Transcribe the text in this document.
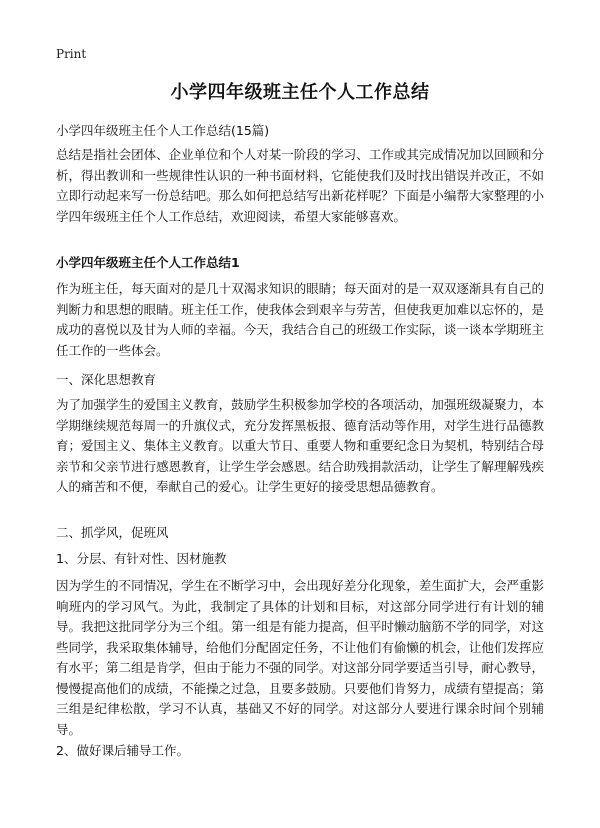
Print
小学四年级班主任个人工作总结
小学四年级班主任个人工作总结(15篇)

总结是指社会团体、企业单位和个人对某一阶段的学习、工作或其完成情况加以回顾和分析，得出教训和一些规律性认识的一种书面材料，它能使我们及时找出错误并改正，不如立即行动起来写一份总结吧。那么如何把总结写出新花样呢？下面是小编帮大家整理的小学四年级班主任个人工作总结，欢迎阅读，希望大家能够喜欢。

小学四年级班主任个人工作总结1

作为班主任，每天面对的是几十双渴求知识的眼睛；每天面对的是一双双逐渐具有自己的判断力和思想的眼睛。班主任工作，使我体会到艰辛与劳苦，但使我更加难以忘怀的，是成功的喜悦以及甘为人师的幸福。今天，我结合自己的班级工作实际，谈一谈本学期班主任工作的一些体会。

一、深化思想教育

为了加强学生的爱国主义教育，鼓励学生积极参加学校的各项活动，加强班级凝聚力，本学期继续规范每周一的升旗仪式，充分发挥黑板报、德育活动等作用，对学生进行品德教育；爱国主义、集体主义教育。以重大节日、重要人物和重要纪念日为契机，特别结合母亲节和父亲节进行感恩教育，让学生学会感恩。结合助残捐款活动，让学生了解理解残疾人的痛苦和不便，奉献自己的爱心。让学生更好的接受思想品德教育。

二、抓学风，促班风
1、分层、有针对性、因材施教

因为学生的不同情况，学生在不断学习中，会出现好差分化现象，差生面扩大，会严重影响班内的学习风气。为此，我制定了具体的计划和目标，对这部分同学进行有计划的辅导。我把这批同学分为三个组。第一组是有能力提高，但平时懒动脑筋不学的同学，对这些同学，我采取集体辅导，给他们分配固定任务，不让他们有偷懒的机会，让他们发挥应有水平；第二组是肯学，但由于能力不强的同学。对这部分同学要适当引导，耐心教导，慢慢提高他们的成绩，不能操之过急，且要多鼓励。只要他们肯努力，成绩有望提高；第三组是纪律松散，学习不认真，基础又不好的同学。对这部分人要进行课余时间个别辅导。

2、做好课后辅导工作。
